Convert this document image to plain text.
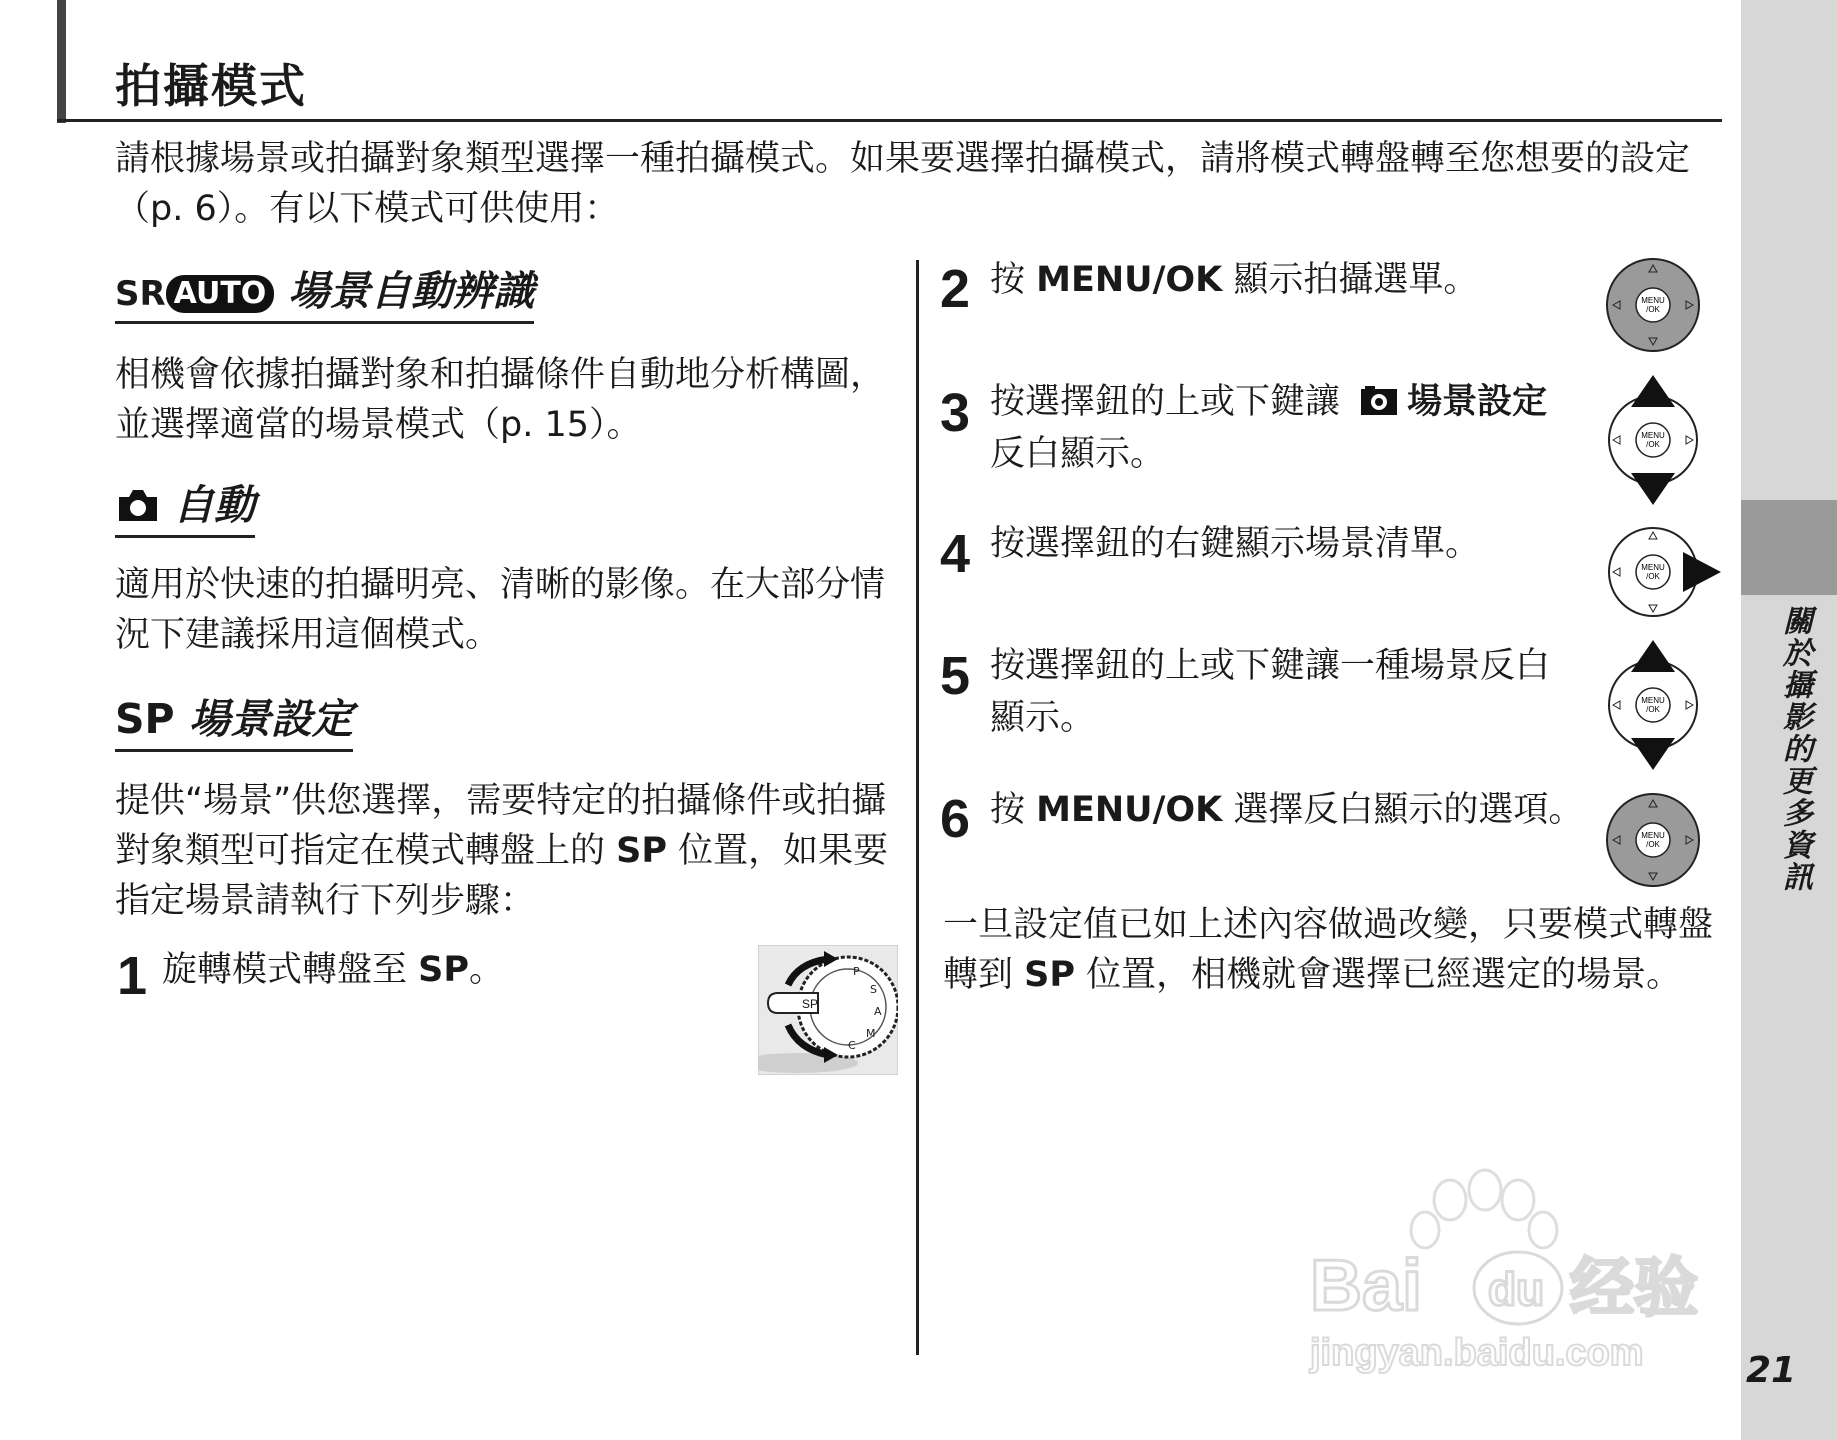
拍攝模式
請根據場景或拍攝對象類型選擇一種拍攝模式。如果要選擇拍攝模式，請將模式轉盤轉至您想要的設定（p. 6）。有以下模式可供使用：
SR AUTO 場景自動辨識
相機會依據拍攝對象和拍攝條件自動地分析構圖，並選擇適當的場景模式（p. 15）。
自動
適用於快速的拍攝明亮、清晰的影像。在大部分情況下建議採用這個模式。
SP 場景設定
提供“場景”供您選擇，需要特定的拍攝條件或拍攝對象類型可指定在模式轉盤上的 SP 位置，如果要指定場景請執行下列步驟：
1 旋轉模式轉盤至 SP。
SP
P
S
A
M
C
2 按 MENU/OK 顯示拍攝選單。
3 按選擇鈕的上或下鍵讓 場景設定反白顯示。
4 按選擇鈕的右鍵顯示場景清單。
5 按選擇鈕的上或下鍵讓一種場景反白顯示。
6 按 MENU/OK 選擇反白顯示的選項。
MENU
/OK
MENU
/OK
MENU
/OK
MENU
/OK
MENU
/OK
一旦設定值已如上述內容做過改變，只要模式轉盤轉到 SP 位置，相機就會選擇已經選定的場景。
關於攝影的更多資訊
21
Bai du 经验
jingyan.baidu.com
